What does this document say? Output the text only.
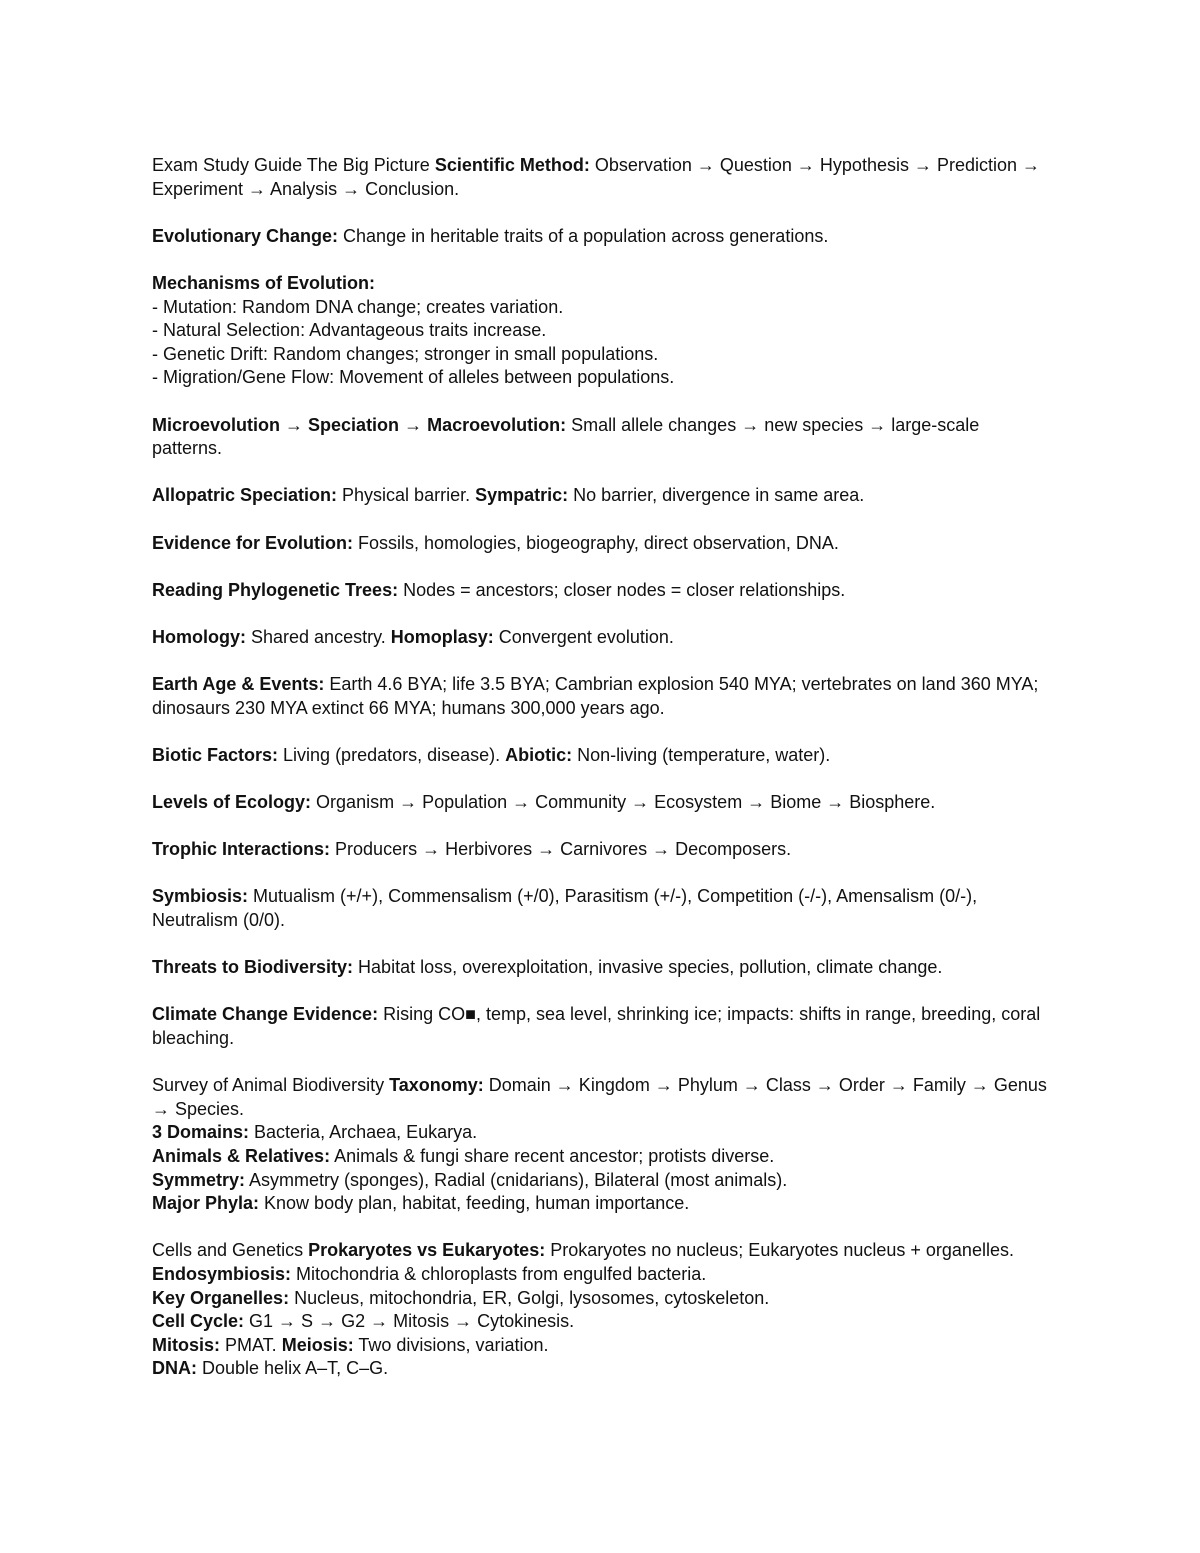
Exam Study Guide The Big Picture Scientific Method: Observation → Question → Hypothesis → Prediction → Experiment → Analysis → Conclusion.

Evolutionary Change: Change in heritable traits of a population across generations.

Mechanisms of Evolution:

- Mutation: Random DNA change; creates variation.

- Natural Selection: Advantageous traits increase.

- Genetic Drift: Random changes; stronger in small populations.

- Migration/Gene Flow: Movement of alleles between populations.

Microevolution → Speciation → Macroevolution: Small allele changes → new species → large-scale patterns.

Allopatric Speciation: Physical barrier. Sympatric: No barrier, divergence in same area.

Evidence for Evolution: Fossils, homologies, biogeography, direct observation, DNA.

Reading Phylogenetic Trees: Nodes = ancestors; closer nodes = closer relationships.

Homology: Shared ancestry. Homoplasy: Convergent evolution.

Earth Age & Events: Earth 4.6 BYA; life 3.5 BYA; Cambrian explosion 540 MYA; vertebrates on land 360 MYA; dinosaurs 230 MYA extinct 66 MYA; humans 300,000 years ago.

Biotic Factors: Living (predators, disease). Abiotic: Non-living (temperature, water).

Levels of Ecology: Organism → Population → Community → Ecosystem → Biome → Biosphere.

Trophic Interactions: Producers → Herbivores → Carnivores → Decomposers.

Symbiosis: Mutualism (+/+), Commensalism (+/0), Parasitism (+/-), Competition (-/-), Amensalism (0/-), Neutralism (0/0).

Threats to Biodiversity: Habitat loss, overexploitation, invasive species, pollution, climate change.

Climate Change Evidence: Rising CO■, temp, sea level, shrinking ice; impacts: shifts in range, breeding, coral bleaching.

Survey of Animal Biodiversity Taxonomy: Domain → Kingdom → Phylum → Class → Order → Family → Genus → Species.

3 Domains: Bacteria, Archaea, Eukarya.

Animals & Relatives: Animals & fungi share recent ancestor; protists diverse.

Symmetry: Asymmetry (sponges), Radial (cnidarians), Bilateral (most animals).

Major Phyla: Know body plan, habitat, feeding, human importance.

Cells and Genetics Prokaryotes vs Eukaryotes: Prokaryotes no nucleus; Eukaryotes nucleus + organelles.

Endosymbiosis: Mitochondria & chloroplasts from engulfed bacteria.

Key Organelles: Nucleus, mitochondria, ER, Golgi, lysosomes, cytoskeleton.

Cell Cycle: G1 → S → G2 → Mitosis → Cytokinesis.

Mitosis: PMAT. Meiosis: Two divisions, variation.

DNA: Double helix A–T, C–G.
